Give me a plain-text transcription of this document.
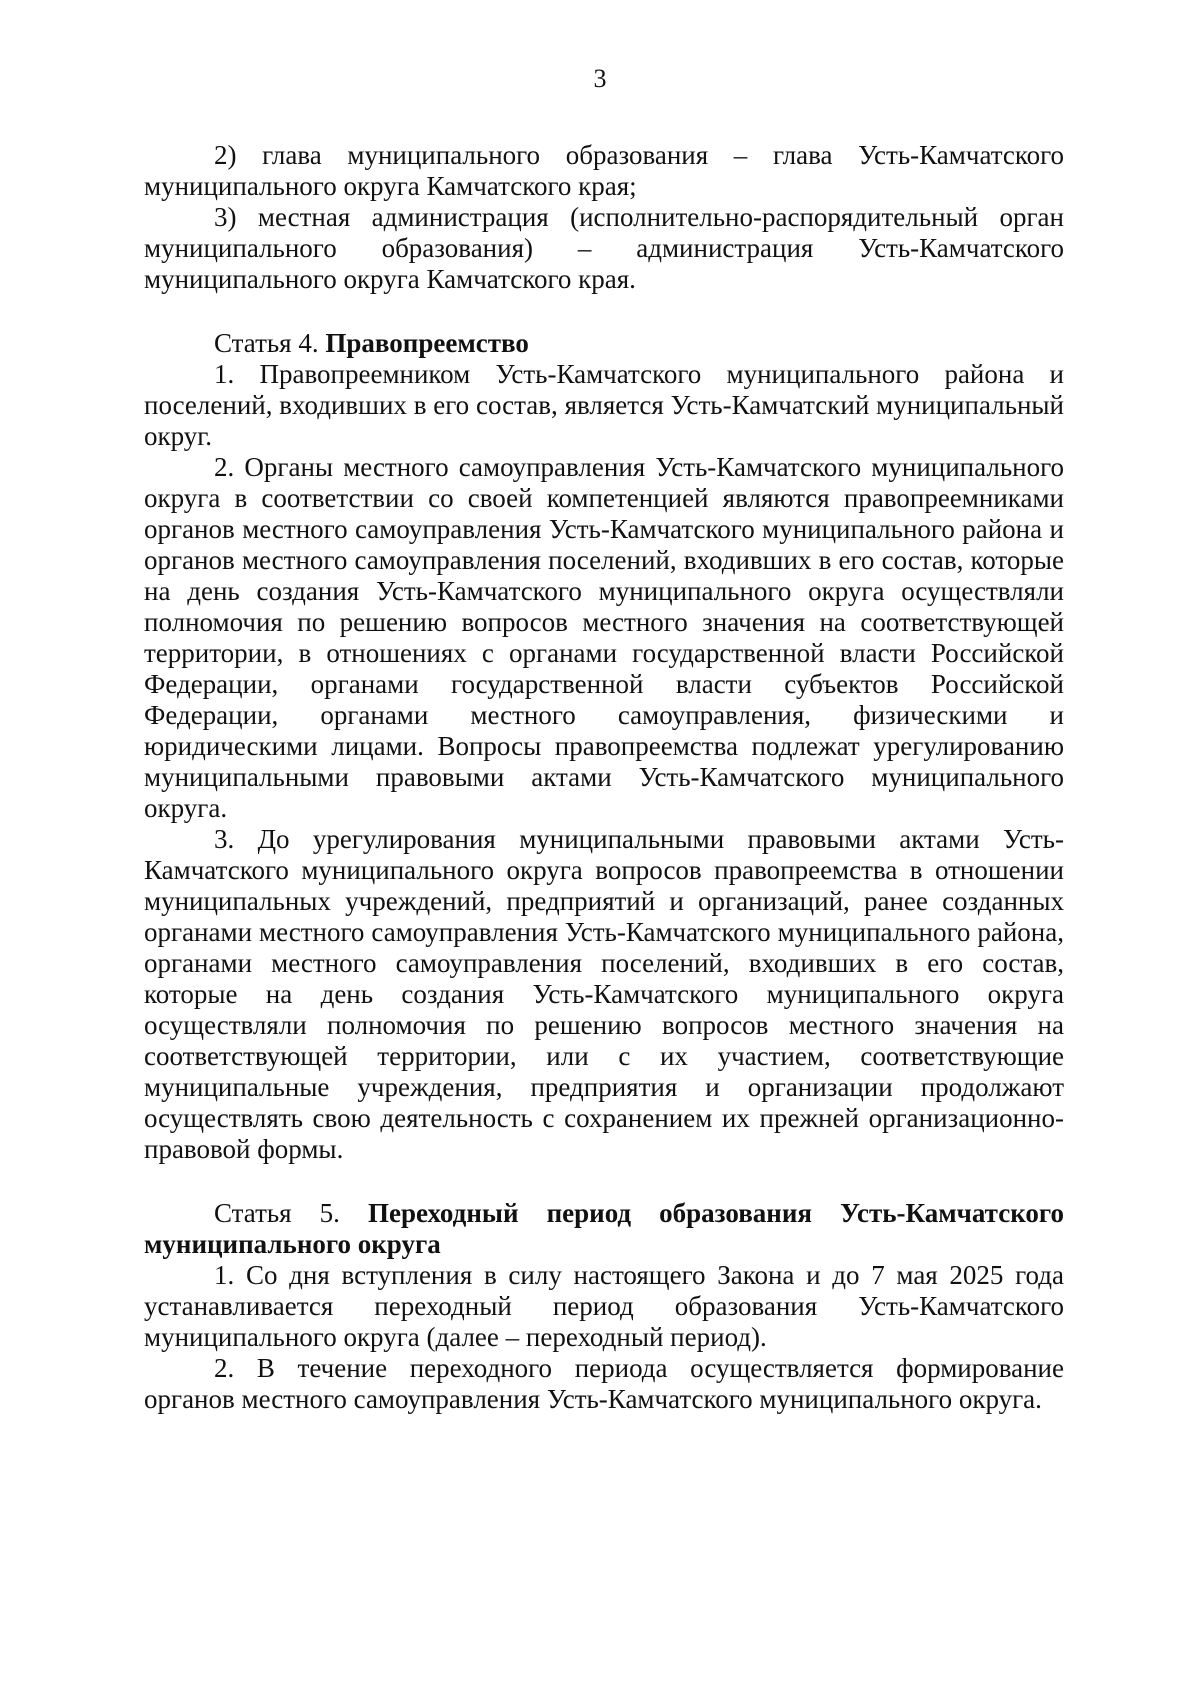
3

2) глава муниципального образования – глава Усть-Камчатского муниципального округа Камчатского края;

3) местная администрация (исполнительно-распорядительный орган муниципального образования) – администрация Усть-Камчатского муниципального округа Камчатского края.

Статья 4. Правопреемство

1. Правопреемником Усть-Камчатского муниципального района и поселений, входивших в его состав, является Усть-Камчатский муниципальный округ.

2. Органы местного самоуправления Усть-Камчатского муниципального округа в соответствии со своей компетенцией являются правопреемниками органов местного самоуправления Усть-Камчатского муниципального района и органов местного самоуправления поселений, входивших в его состав, которые на день создания Усть-Камчатского муниципального округа осуществляли полномочия по решению вопросов местного значения на соответствующей территории, в отношениях с органами государственной власти Российской Федерации, органами государственной власти субъектов Российской Федерации, органами местного самоуправления, физическими и юридическими лицами. Вопросы правопреемства подлежат урегулированию муниципальными правовыми актами Усть-Камчатского муниципального округа.

3. До урегулирования муниципальными правовыми актами Усть-Камчатского муниципального округа вопросов правопреемства в отношении муниципальных учреждений, предприятий и организаций, ранее созданных органами местного самоуправления Усть-Камчатского муниципального района, органами местного самоуправления поселений, входивших в его состав, которые на день создания Усть-Камчатского муниципального округа осуществляли полномочия по решению вопросов местного значения на соответствующей территории, или с их участием, соответствующие муниципальные учреждения, предприятия и организации продолжают осуществлять свою деятельность с сохранением их прежней организационно-правовой формы.

Статья 5. Переходный период образования Усть-Камчатского муниципального округа

1. Со дня вступления в силу настоящего Закона и до 7 мая 2025 года устанавливается переходный период образования Усть-Камчатского муниципального округа (далее – переходный период).

2. В течение переходного периода осуществляется формирование органов местного самоуправления Усть-Камчатского муниципального округа.
